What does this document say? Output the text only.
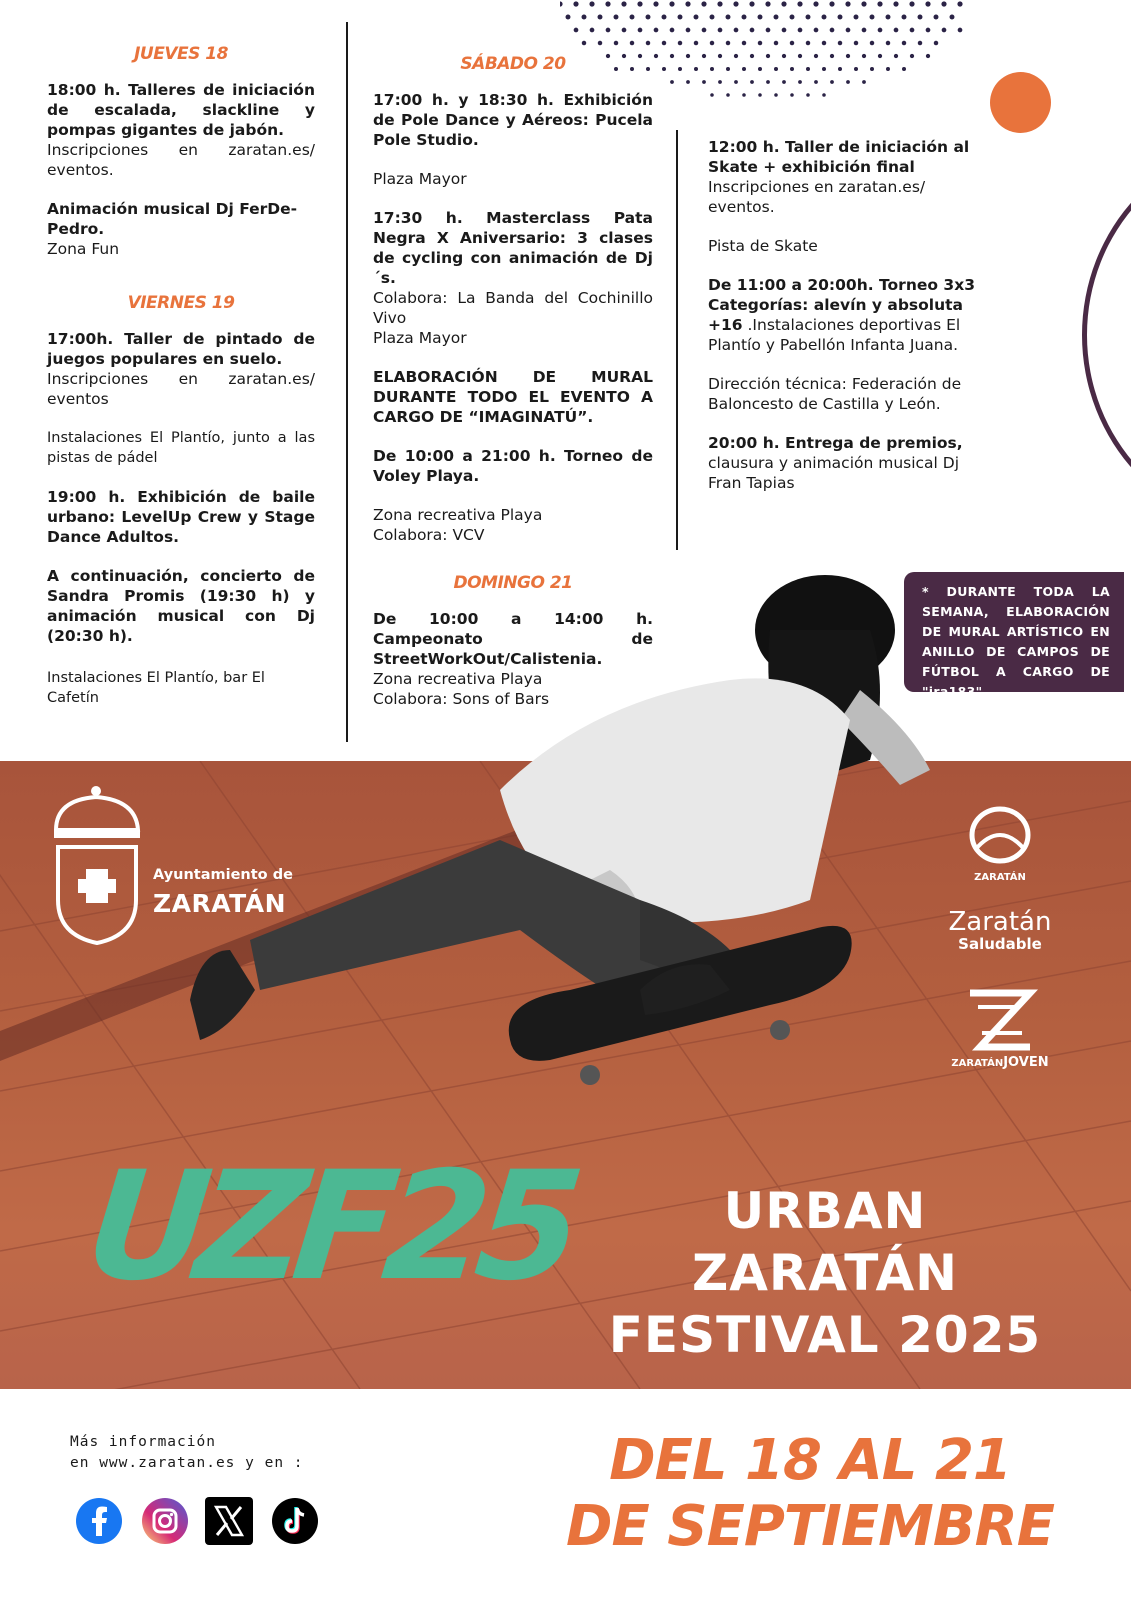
JUEVES 18

18:00 h. Talleres de iniciación de escalada, slackline y pompas gigantes de jabón.
Inscripciones en zaratan.es/ eventos.

Animación musical Dj FerDe-Pedro.
Zona Fun

VIERNES 19

17:00h. Taller de pintado de juegos populares en suelo.
Inscripciones en zaratan.es/ eventos

Instalaciones El Plantío, junto a las pistas de pádel

19:00 h. Exhibición de baile urbano: LevelUp Crew y Stage Dance Adultos.

A continuación, concierto de Sandra Promis (19:30 h) y animación musical con Dj (20:30 h).

Instalaciones El Plantío, bar El Cafetín

SÁBADO 20

17:00 h. y 18:30 h. Exhibición de Pole Dance y Aéreos: Pucela Pole Studio.

Plaza Mayor

17:30 h. Masterclass Pata Negra X Aniversario: 3 clases de cycling con animación de Dj´s.
Colabora: La Banda del Cochinillo Vivo
Plaza Mayor

ELABORACIÓN DE MURAL DURANTE TODO EL EVENTO A CARGO DE “IMAGINATÚ”.

De 10:00 a 21:00 h. Torneo de Voley Playa.

Zona recreativa Playa
Colabora: VCV

DOMINGO 21

De 10:00 a 14:00 h. Campeonato de StreetWorkOut/Calistenia.
Zona recreativa Playa
Colabora: Sons of Bars

12:00 h. Taller de iniciación al Skate + exhibición final
Inscripciones en zaratan.es/ eventos.

Pista de Skate

De 11:00 a 20:00h. Torneo 3x3 Categorías: alevín y absoluta +16 .Instalaciones deportivas El Plantío y Pabellón Infanta Juana.

Dirección técnica: Federación de Baloncesto de Castilla y León.

20:00 h. Entrega de premios,
clausura y animación musical Dj Fran Tapias

* DURANTE TODA LA SEMANA, ELABORACIÓN DE MURAL ARTÍSTICO EN ANILLO DE CAMPOS DE FÚTBOL A CARGO DE "ira183".
Ayuntamiento de
ZARATÁN
ZARATÁN
Zaratán
Saludable
ZARATÁNJOVEN
UZF25	URBAN ZARATÁN
FESTIVAL 2025
Más información
en www.zaratan.es y en :	DEL 18 AL 21
DE SEPTIEMBRE
